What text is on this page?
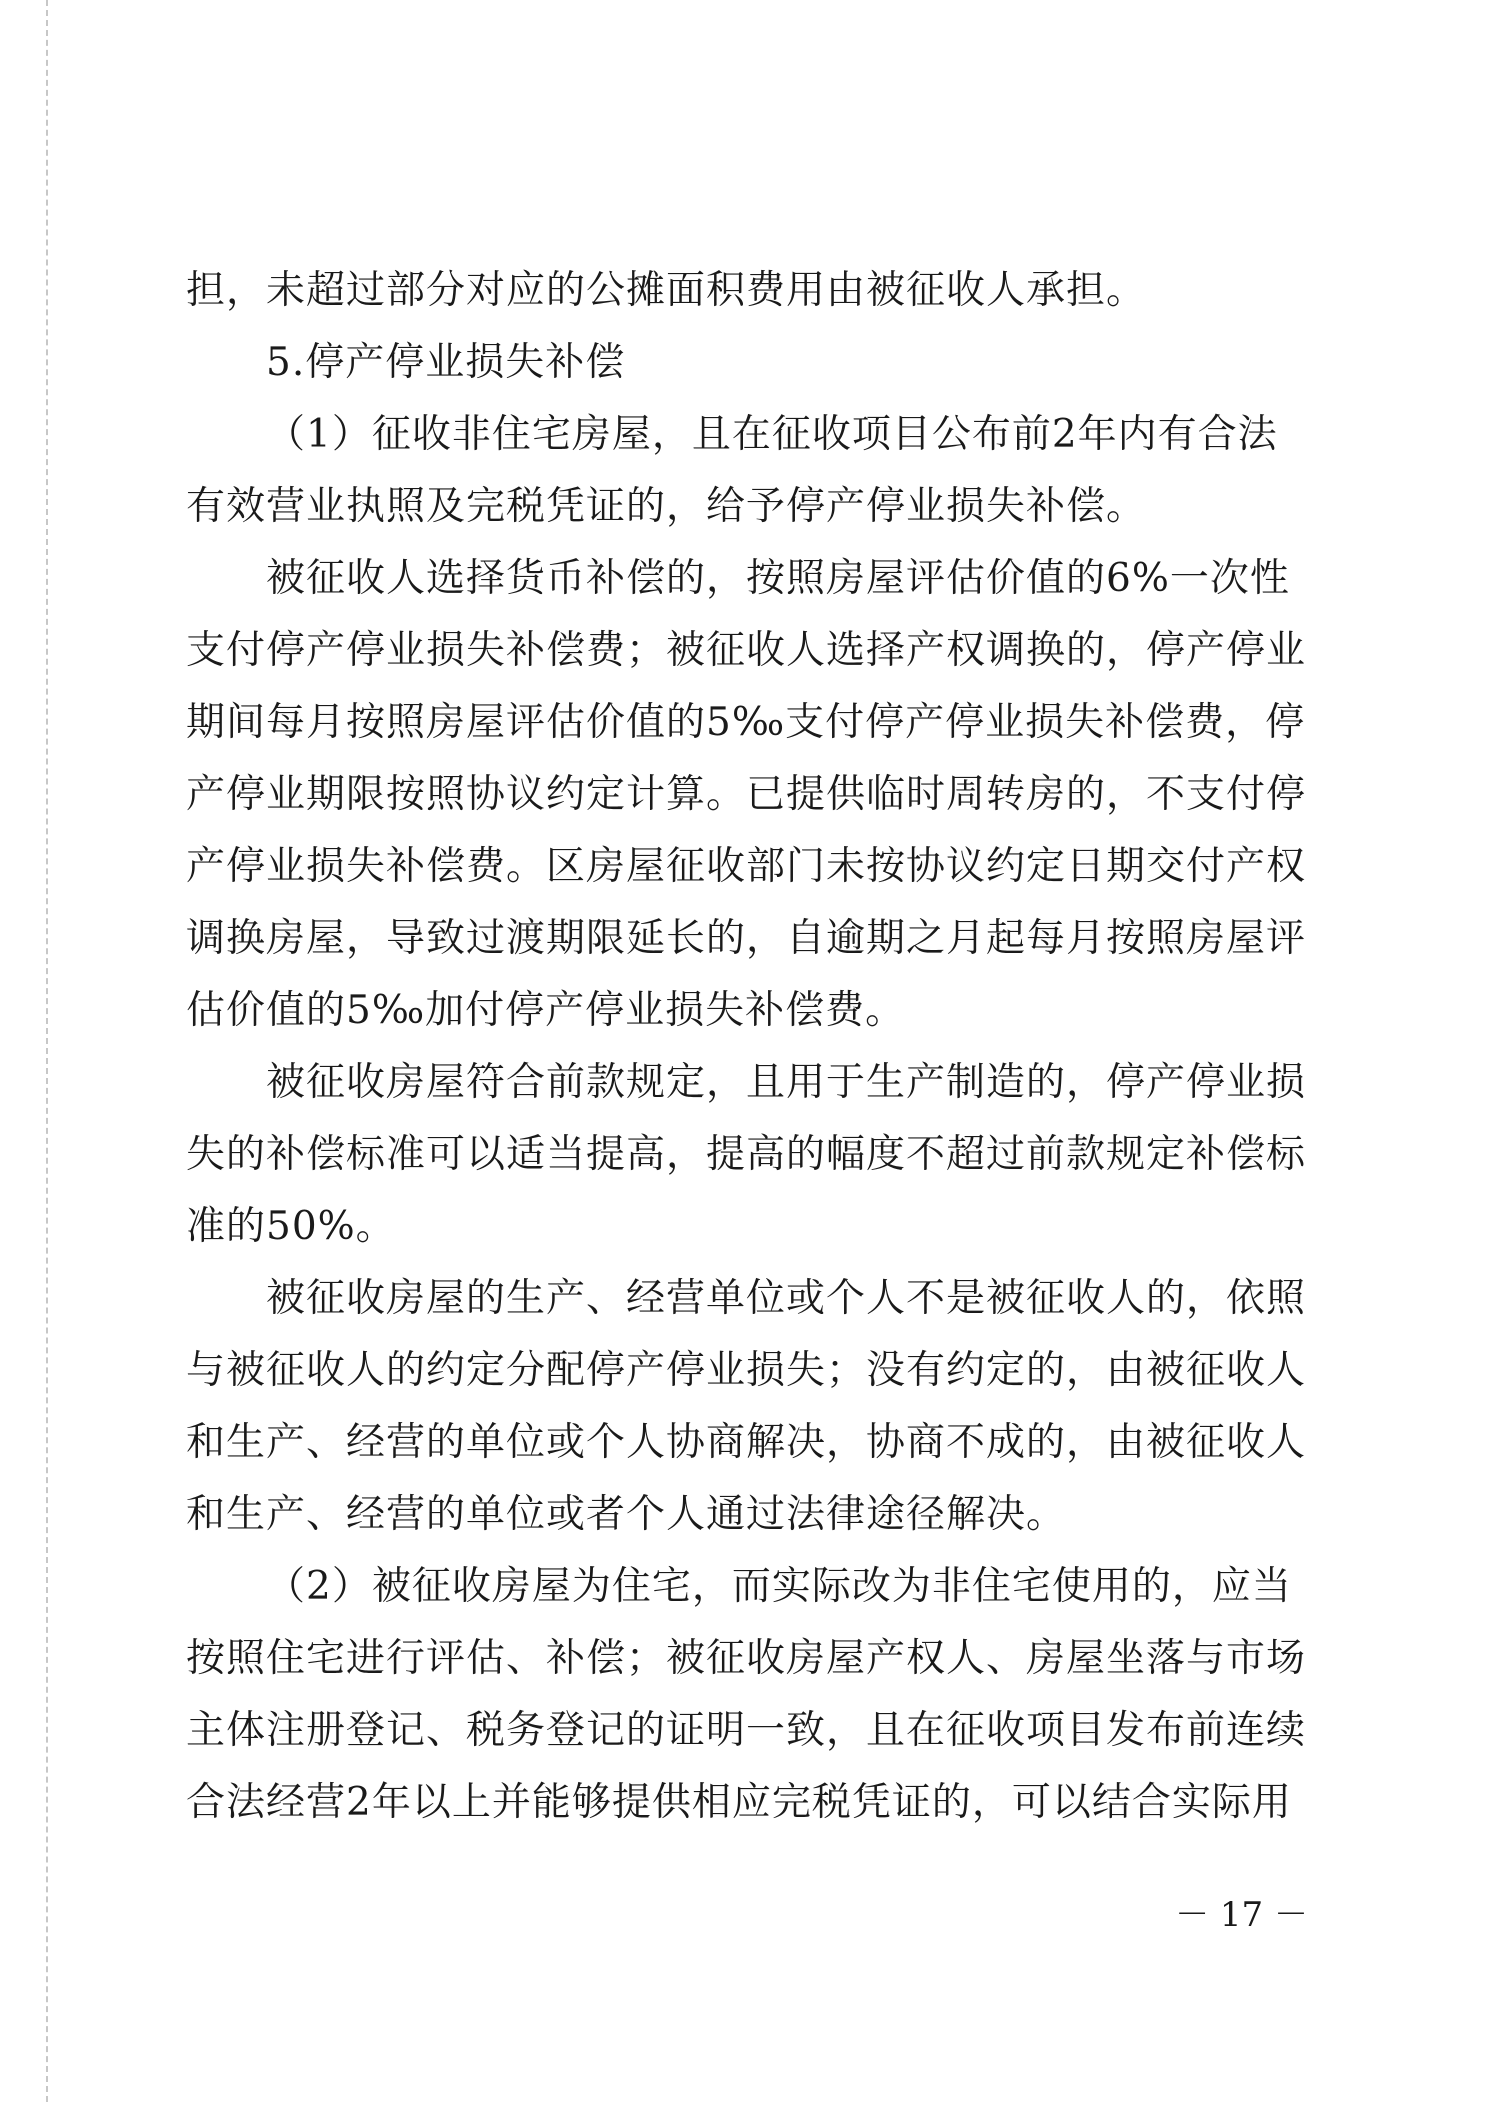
担，未超过部分对应的公摊面积费用由被征收人承担。
5.停产停业损失补偿
（1）征收非住宅房屋，且在征收项目公布前2年内有合法
有效营业执照及完税凭证的，给予停产停业损失补偿。
被征收人选择货币补偿的，按照房屋评估价值的6%一次性
支付停产停业损失补偿费；被征收人选择产权调换的，停产停业
期间每月按照房屋评估价值的5‰支付停产停业损失补偿费，停
产停业期限按照协议约定计算。已提供临时周转房的，不支付停
产停业损失补偿费。区房屋征收部门未按协议约定日期交付产权
调换房屋，导致过渡期限延长的，自逾期之月起每月按照房屋评
估价值的5‰加付停产停业损失补偿费。
被征收房屋符合前款规定，且用于生产制造的，停产停业损
失的补偿标准可以适当提高，提高的幅度不超过前款规定补偿标
准的50%。
被征收房屋的生产、经营单位或个人不是被征收人的，依照
与被征收人的约定分配停产停业损失；没有约定的，由被征收人
和生产、经营的单位或个人协商解决，协商不成的，由被征收人
和生产、经营的单位或者个人通过法律途径解决。
（2）被征收房屋为住宅，而实际改为非住宅使用的，应当
按照住宅进行评估、补偿；被征收房屋产权人、房屋坐落与市场
主体注册登记、税务登记的证明一致，且在征收项目发布前连续
合法经营2年以上并能够提供相应完税凭证的，可以结合实际用
－ 17 －
